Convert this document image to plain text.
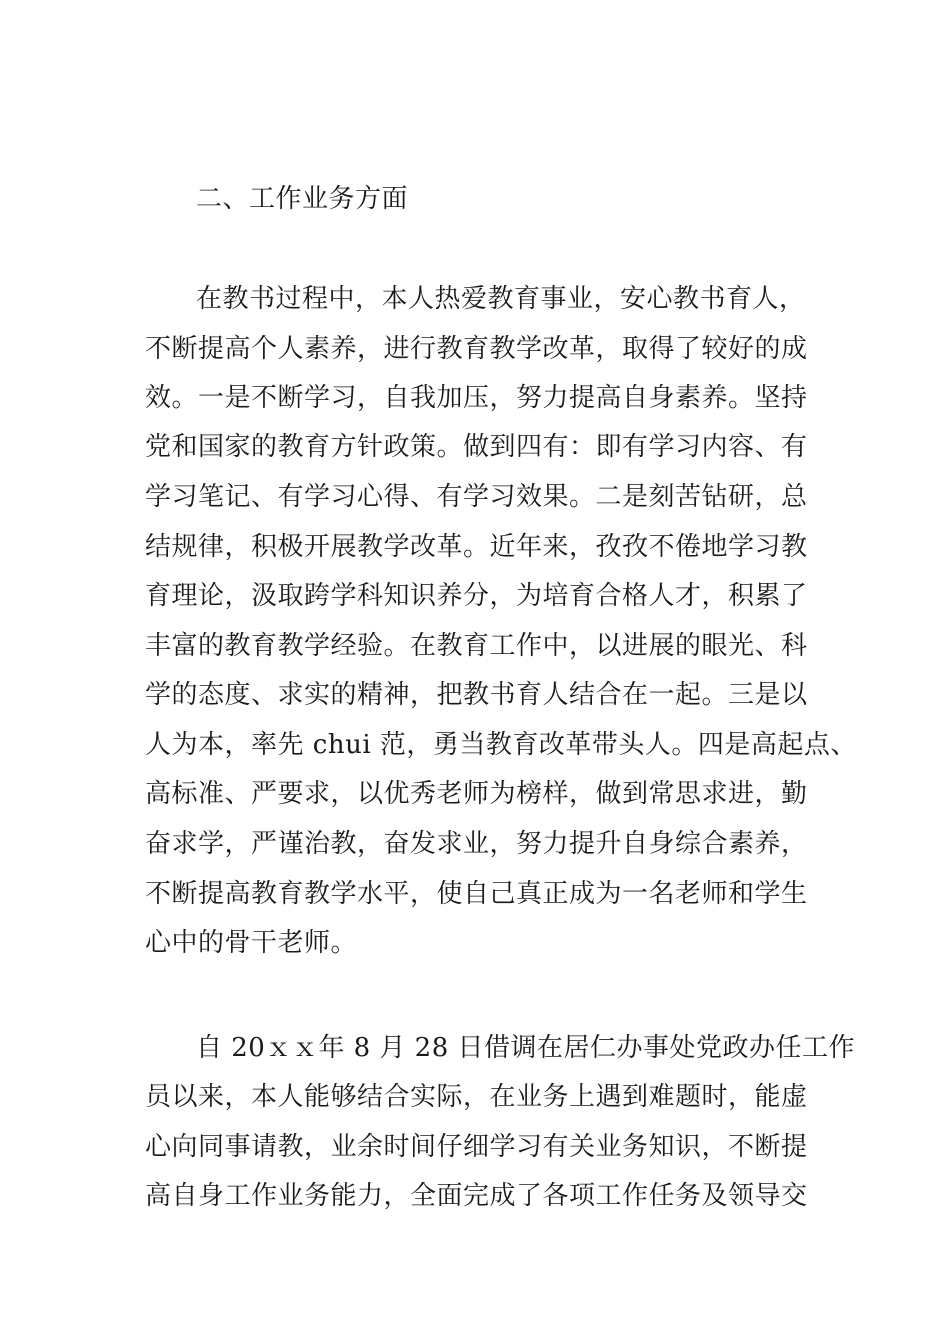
二、工作业务方面

在教书过程中，本人热爱教育事业，安心教书育人，

不断提高个人素养，进行教育教学改革，取得了较好的成

效。一是不断学习，自我加压，努力提高自身素养。坚持

党和国家的教育方针政策。做到四有：即有学习内容、有

学习笔记、有学习心得、有学习效果。二是刻苦钻研，总

结规律，积极开展教学改革。近年来，孜孜不倦地学习教

育理论，汲取跨学科知识养分，为培育合格人才，积累了

丰富的教育教学经验。在教育工作中，以进展的眼光、科

学的态度、求实的精神，把教书育人结合在一起。三是以

人为本，率先 chui 范，勇当教育改革带头人。四是高起点、

高标准、严要求，以优秀老师为榜样，做到常思求进，勤

奋求学，严谨治教，奋发求业，努力提升自身综合素养，

不断提高教育教学水平，使自己真正成为一名老师和学生

心中的骨干老师。

自 20ｘｘ年 8 月 28 日借调在居仁办事处党政办任工作

员以来，本人能够结合实际，在业务上遇到难题时，能虚

心向同事请教，业余时间仔细学习有关业务知识，不断提

高自身工作业务能力，全面完成了各项工作任务及领导交
